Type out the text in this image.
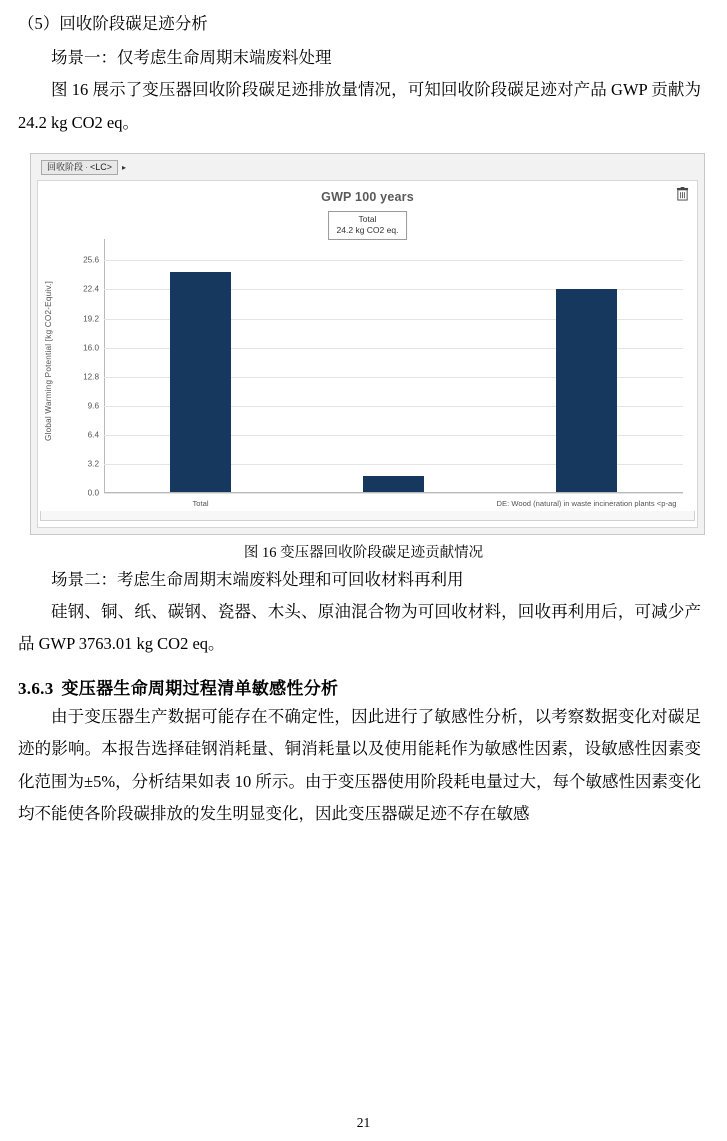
（5）回收阶段碳足迹分析

场景一：仅考虑生命周期末端废料处理

图 16 展示了变压器回收阶段碳足迹排放量情况，可知回收阶段碳足迹对产品 GWP 贡献为 24.2 kg CO2 eq。

回收阶段 · <LC>	▸
GWP 100 years
Total
24.2 kg CO2 eq.
Global Warming Potential [kg CO2-Equiv.]
0.0
3.2
6.4
9.6
12.8
16.0
19.2
22.4
25.6
Total	DE: Wood (natural) in waste incineration plants <p-ag

图 16 变压器回收阶段碳足迹贡献情况

场景二：考虑生命周期末端废料处理和可回收材料再利用

硅钢、铜、纸、碳钢、瓷器、木头、原油混合物为可回收材料，回收再利用后，可减少产品 GWP 3763.01 kg CO2 eq。

3.6.3 变压器生命周期过程清单敏感性分析

由于变压器生产数据可能存在不确定性，因此进行了敏感性分析，以考察数据变化对碳足迹的影响。本报告选择硅钢消耗量、铜消耗量以及使用能耗作为敏感性因素，设敏感性因素变化范围为±5%，分析结果如表 10 所示。由于变压器使用阶段耗电量过大，每个敏感性因素变化均不能使各阶段碳排放的发生明显变化，因此变压器碳足迹不存在敏感

21
